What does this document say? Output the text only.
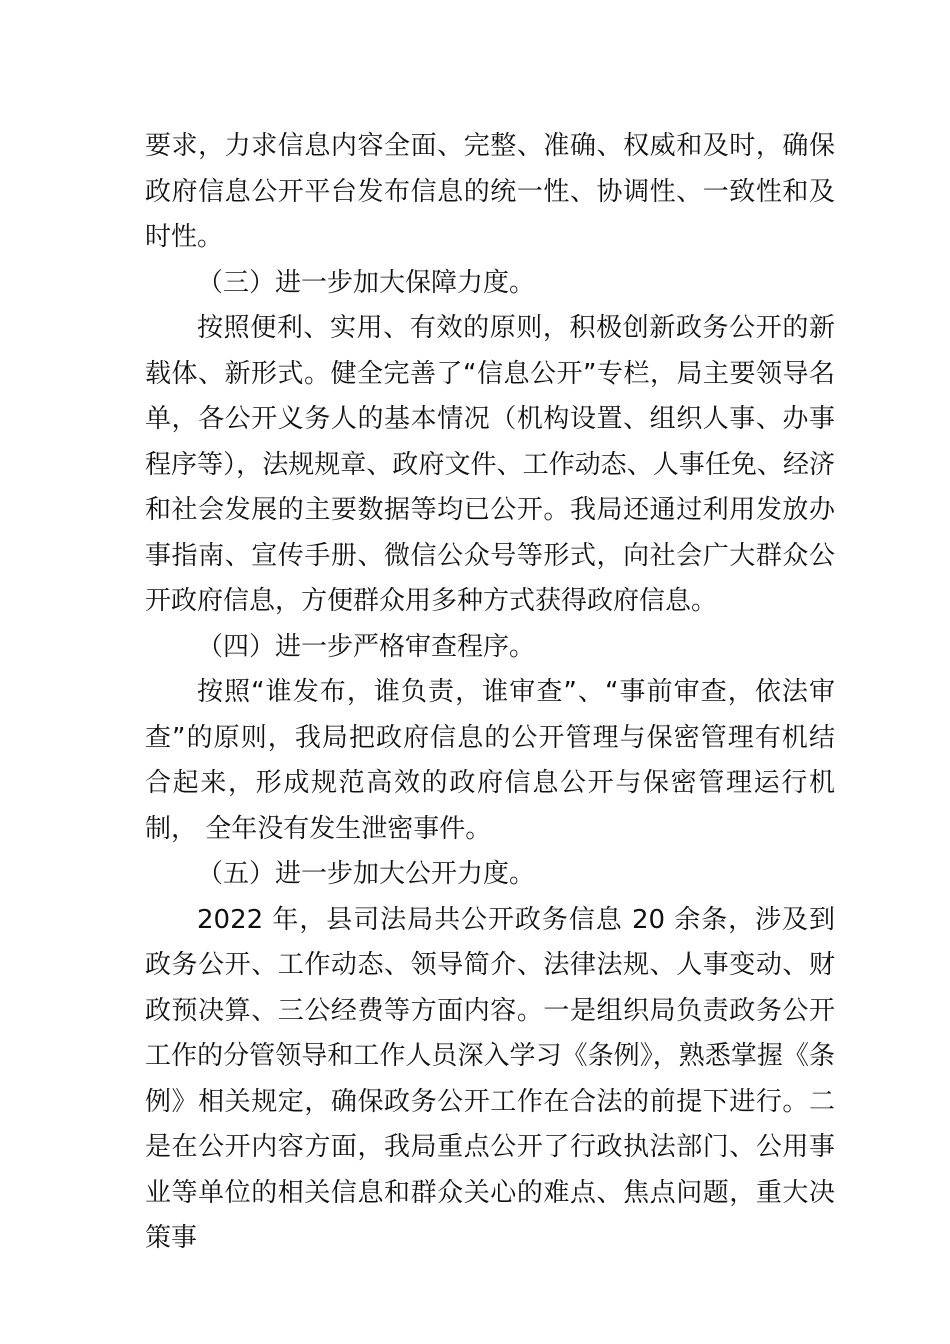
要求，力求信息内容全面、完整、准确、权威和及时，确保政府信息公开平台发布信息的统一性、协调性、一致性和及时性。

（三）进一步加大保障力度。

按照便利、实用、有效的原则，积极创新政务公开的新载体、新形式。健全完善了“信息公开”专栏，局主要领导名单，各公开义务人的基本情况（机构设置、组织人事、办事程序等），法规规章、政府文件、工作动态、人事任免、经济和社会发展的主要数据等均已公开。我局还通过利用发放办事指南、宣传手册、微信公众号等形式，向社会广大群众公开政府信息，方便群众用多种方式获得政府信息。

（四）进一步严格审查程序。

按照“谁发布，谁负责，谁审查”、“事前审查，依法审查”的原则，我局把政府信息的公开管理与保密管理有机结 合起来，形成规范高效的政府信息公开与保密管理运行机制， 全年没有发生泄密事件。

（五）进一步加大公开力度。

2022 年，县司法局共公开政务信息 20 余条，涉及到政务公开、工作动态、领导简介、法律法规、人事变动、财政预决算、三公经费等方面内容。一是组织局负责政务公开工作的分管领导和工作人员深入学习《条例》，熟悉掌握《条例》相关规定，确保政务公开工作在合法的前提下进行。二是在公开内容方面，我局重点公开了行政执法部门、公用事业等单位的相关信息和群众关心的难点、焦点问题，重大决策事
